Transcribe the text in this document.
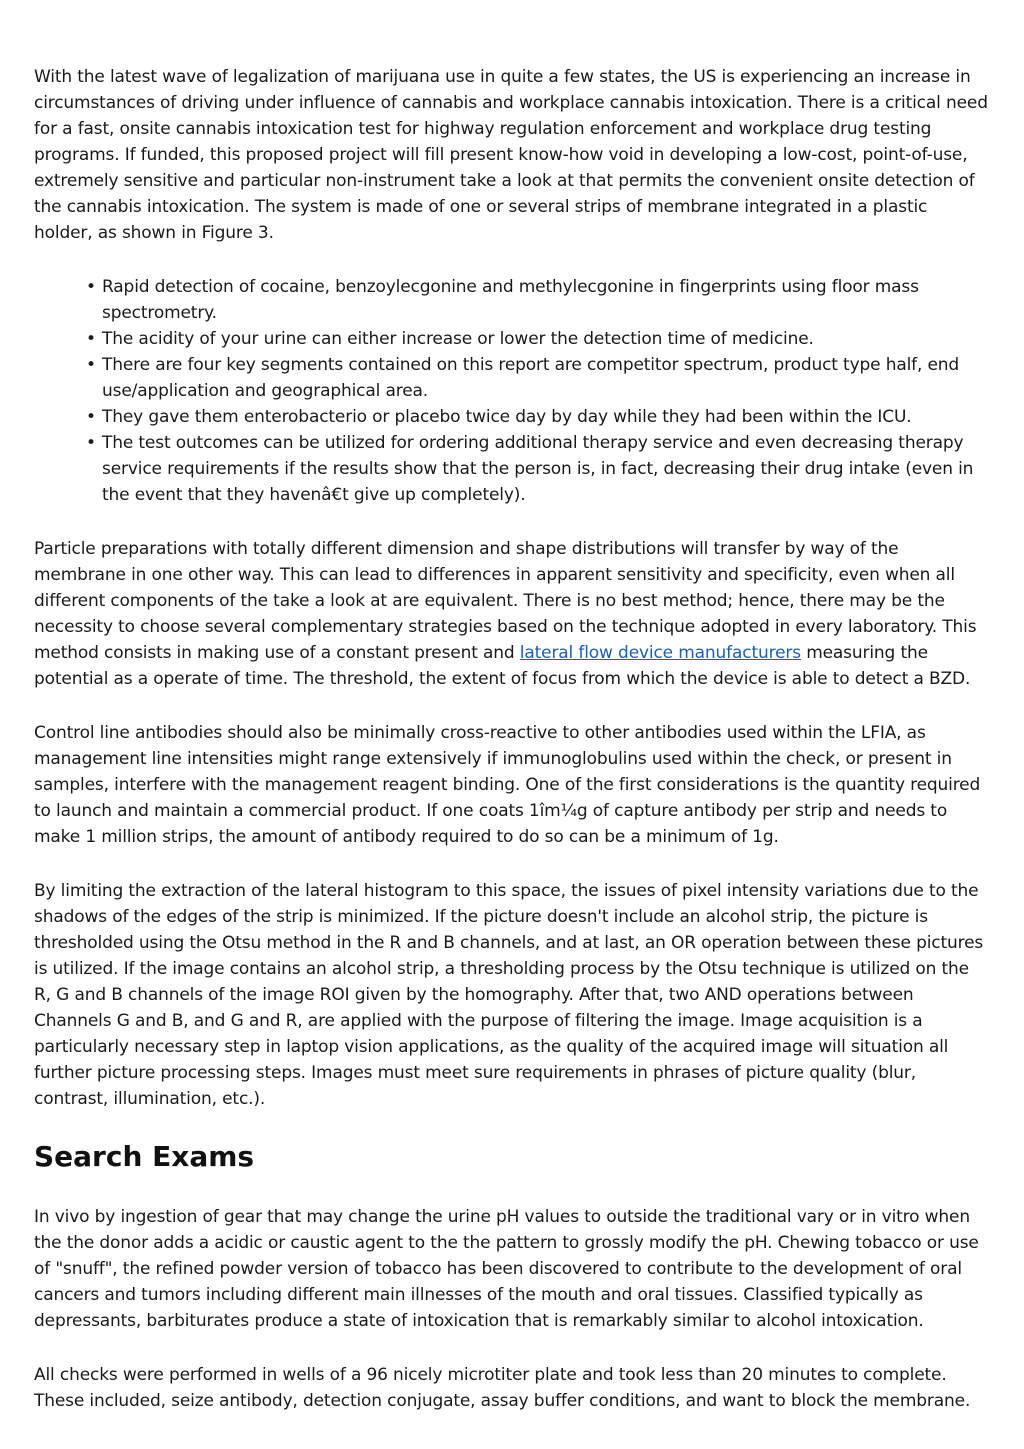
With the latest wave of legalization of marijuana use in quite a few states, the US is experiencing an increase in circumstances of driving under influence of cannabis and workplace cannabis intoxication. There is a critical need for a fast, onsite cannabis intoxication test for highway regulation enforcement and workplace drug testing programs. If funded, this proposed project will fill present know-how void in developing a low-cost, point-of-use, extremely sensitive and particular non-instrument take a look at that permits the convenient onsite detection of the cannabis intoxication. The system is made of one or several strips of membrane integrated in a plastic holder, as shown in Figure 3.

• Rapid detection of cocaine, benzoylecgonine and methylecgonine in fingerprints using floor mass spectrometry.
• The acidity of your urine can either increase or lower the detection time of medicine.
• There are four key segments contained on this report are competitor spectrum, product type half, end use/application and geographical area.
• They gave them enterobacterio or placebo twice day by day while they had been within the ICU.
• The test outcomes can be utilized for ordering additional therapy service and even decreasing therapy service requirements if the results show that the person is, in fact, decreasing their drug intake (even in the event that they havenâ€t give up completely).

Particle preparations with totally different dimension and shape distributions will transfer by way of the membrane in one other way. This can lead to differences in apparent sensitivity and specificity, even when all different components of the take a look at are equivalent. There is no best method; hence, there may be the necessity to choose several complementary strategies based on the technique adopted in every laboratory. This method consists in making use of a constant present and lateral flow device manufacturers measuring the potential as a operate of time. The threshold, the extent of focus from which the device is able to detect a BZD.

Control line antibodies should also be minimally cross-reactive to other antibodies used within the LFIA, as management line intensities might range extensively if immunoglobulins used within the check, or present in samples, interfere with the management reagent binding. One of the first considerations is the quantity required to launch and maintain a commercial product. If one coats 1îm¼g of capture antibody per strip and needs to make 1 million strips, the amount of antibody required to do so can be a minimum of 1g.

By limiting the extraction of the lateral histogram to this space, the issues of pixel intensity variations due to the shadows of the edges of the strip is minimized. If the picture doesn't include an alcohol strip, the picture is thresholded using the Otsu method in the R and B channels, and at last, an OR operation between these pictures is utilized. If the image contains an alcohol strip, a thresholding process by the Otsu technique is utilized on the R, G and B channels of the image ROI given by the homography. After that, two AND operations between Channels G and B, and G and R, are applied with the purpose of filtering the image. Image acquisition is a particularly necessary step in laptop vision applications, as the quality of the acquired image will situation all further picture processing steps. Images must meet sure requirements in phrases of picture quality (blur, contrast, illumination, etc.).

Search Exams

In vivo by ingestion of gear that may change the urine pH values to outside the traditional vary or in vitro when the the donor adds a acidic or caustic agent to the the pattern to grossly modify the pH. Chewing tobacco or use of "snuff", the refined powder version of tobacco has been discovered to contribute to the development of oral cancers and tumors including different main illnesses of the mouth and oral tissues. Classified typically as depressants, barbiturates produce a state of intoxication that is remarkably similar to alcohol intoxication.

All checks were performed in wells of a 96 nicely microtiter plate and took less than 20 minutes to complete. These included, seize antibody, detection conjugate, assay buffer conditions, and want to block the membrane.
